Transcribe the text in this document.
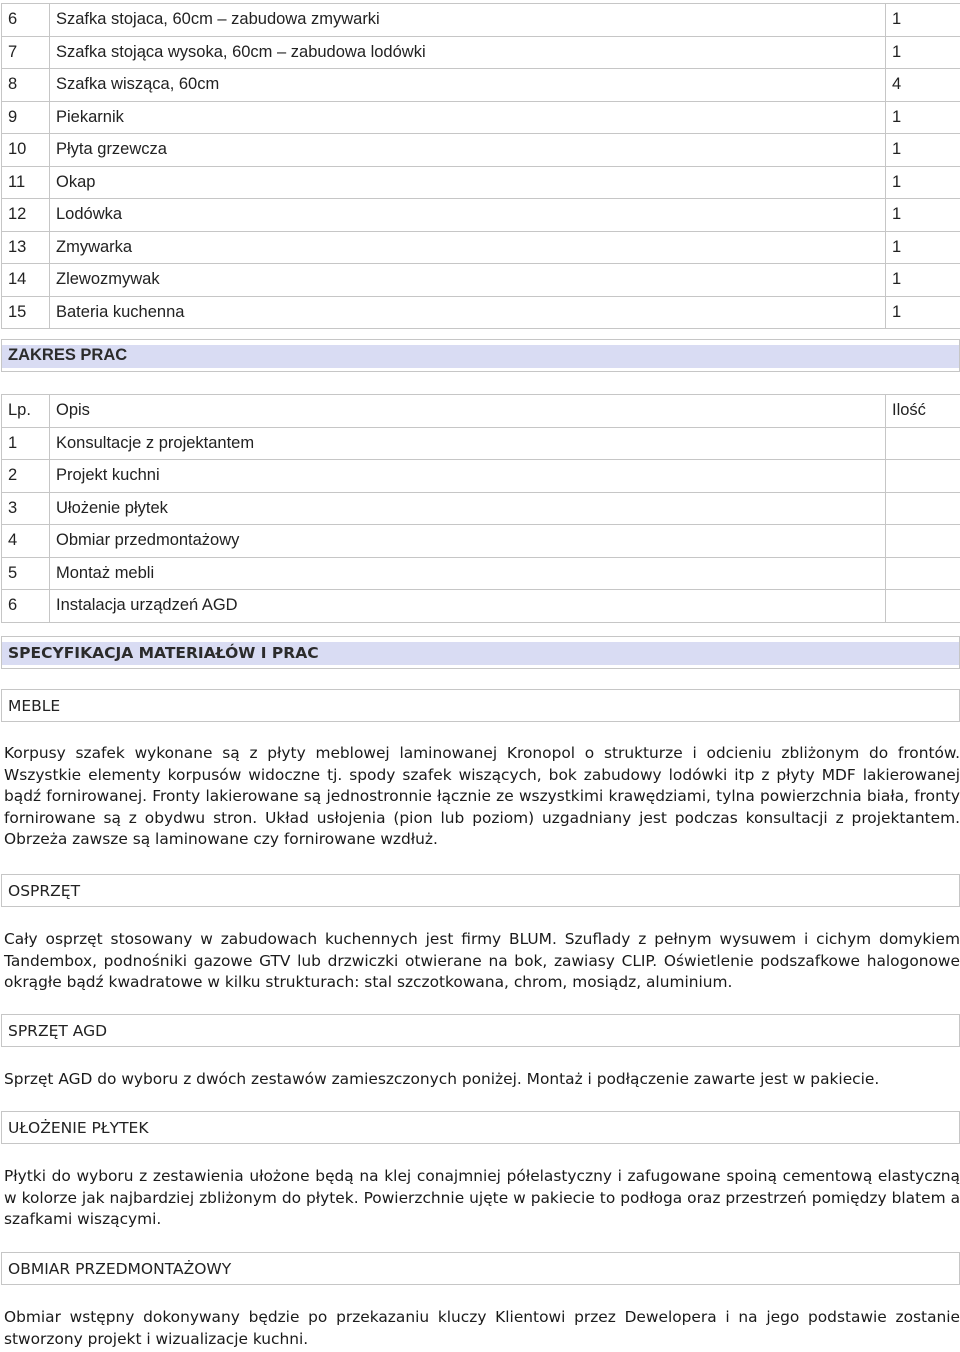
6	Szafka stojaca, 60cm – zabudowa zmywarki	1
7	Szafka stojąca wysoka, 60cm – zabudowa lodówki	1
8	Szafka wisząca, 60cm	4
9	Piekarnik	1
10	Płyta grzewcza	1
11	Okap	1
12	Lodówka	1
13	Zmywarka	1
14	Zlewozmywak	1
15	Bateria kuchenna	1
ZAKRES PRAC
Lp.	Opis	Ilość
1	Konsultacje z projektantem	
2	Projekt kuchni	
3	Ułożenie płytek	
4	Obmiar przedmontażowy	
5	Montaż mebli	
6	Instalacja urządzeń AGD	
SPECYFIKACJA MATERIAŁÓW I PRAC
MEBLE

Korpusy szafek wykonane są z płyty meblowej laminowanej Kronopol o strukturze i odcieniu zbliżonym do frontów. Wszystkie elementy korpusów widoczne tj. spody szafek wiszących, bok zabudowy lodówki itp z płyty MDF lakierowanej bądź fornirowanej. Fronty lakierowane są jednostronnie łącznie ze wszystkimi krawędziami, tylna powierzchnia biała, fronty fornirowane są z obydwu stron. Układ usłojenia (pion lub poziom) uzgadniany jest podczas konsultacji z projektantem. Obrzeża zawsze są laminowane czy fornirowane wzdłuż.

OSPRZĘT

Cały osprzęt stosowany w zabudowach kuchennych jest firmy BLUM. Szuflady z pełnym wysuwem i cichym domykiem Tandembox, podnośniki gazowe GTV lub drzwiczki otwierane na bok, zawiasy CLIP. Oświetlenie podszafkowe halogonowe okrągłe bądź kwadratowe w kilku strukturach: stal szczotkowana, chrom, mosiądz, aluminium.

SPRZĘT AGD

Sprzęt AGD do wyboru z dwóch zestawów zamieszczonych poniżej. Montaż i podłączenie zawarte jest w pakiecie.

UŁOŻENIE PŁYTEK

Płytki do wyboru z zestawienia ułożone będą na klej conajmniej półelastyczny i zafugowane spoiną cementową elastyczną w kolorze jak najbardziej zbliżonym do płytek. Powierzchnie ujęte w pakiecie to podłoga oraz przestrzeń pomiędzy blatem a szafkami wiszącymi.

OBMIAR PRZEDMONTAŻOWY

Obmiar wstępny dokonywany będzie po przekazaniu kluczy Klientowi przez Dewelopera i na jego podstawie zostanie stworzony projekt i wizualizacje kuchni.
